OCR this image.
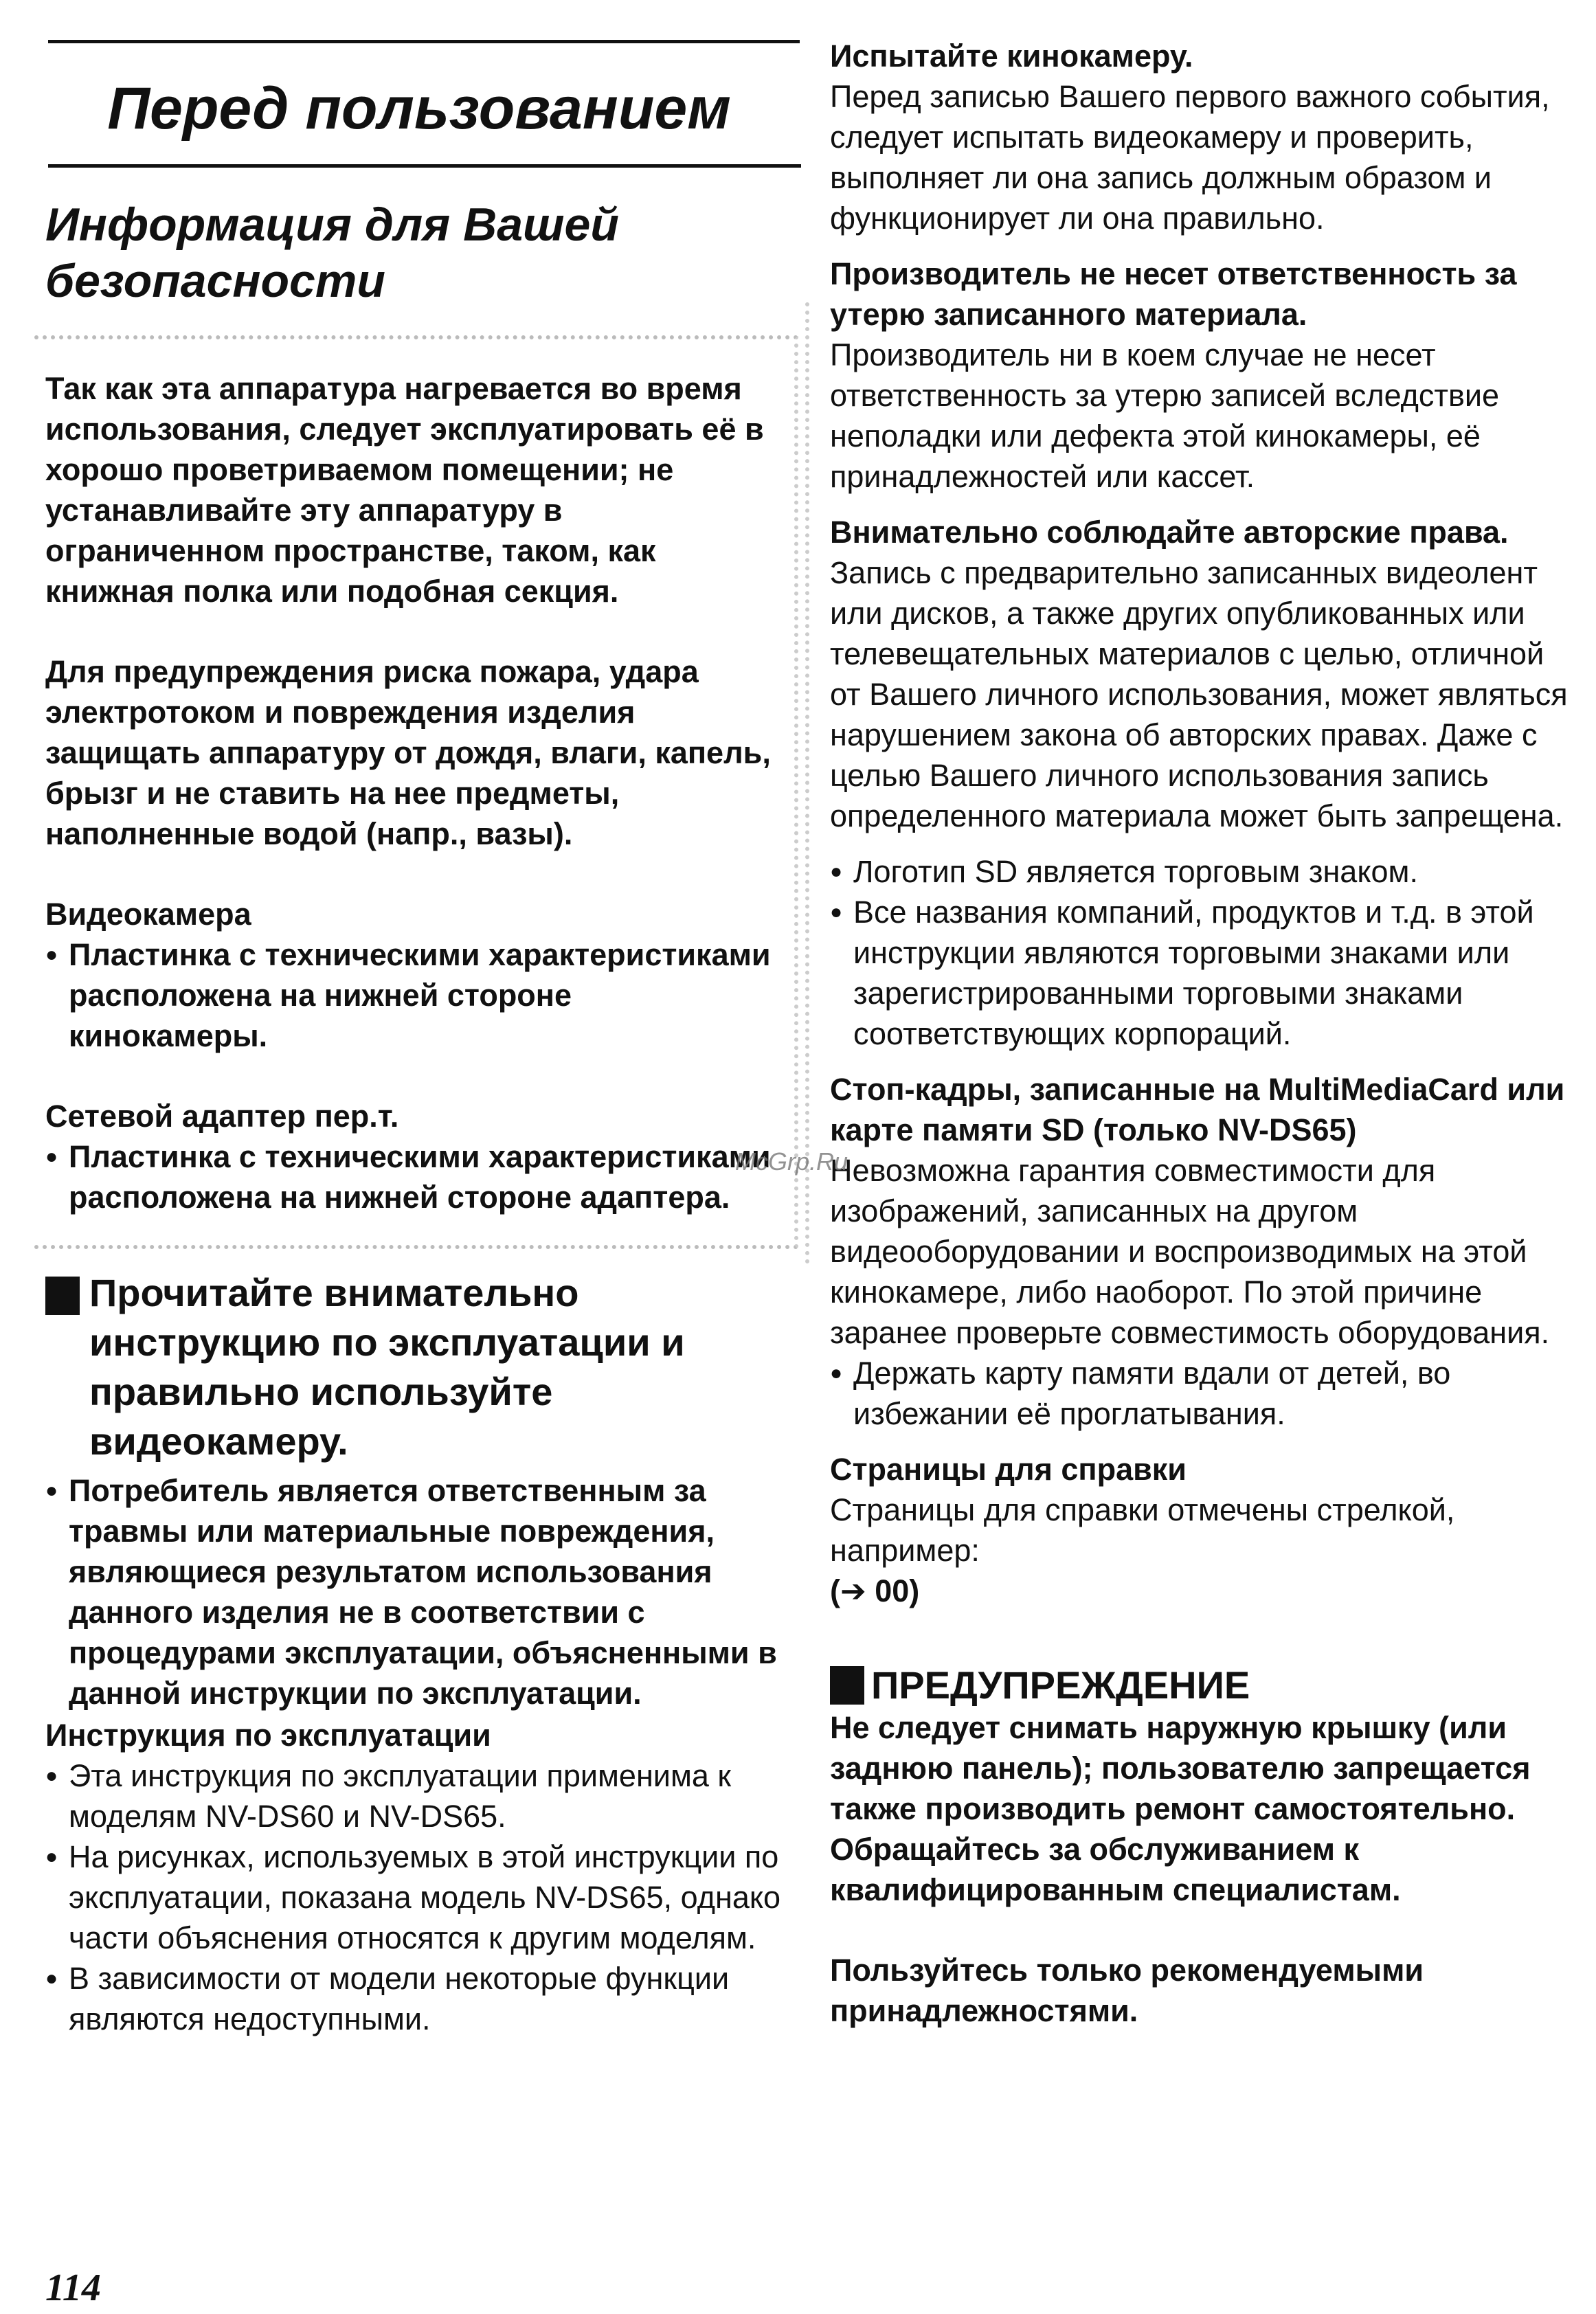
Перед пользованием
Информация для Вашей безопасности
Так как эта аппаратура нагревается во время использования, следует эксплуатировать её в хорошо проветриваемом помещении; не устанавливайте эту аппаратуру в ограниченном пространстве, таком, как книжная полка или подобная секция.
Для предупреждения риска пожара, удара электротоком и повреждения изделия защищать аппаратуру от дождя, влаги, капель, брызг и не ставить на нее предметы, наполненные водой (напр., вазы).
Видеокамера
● Пластинка с техническими характеристиками расположена на нижней стороне кинокамеры.
Сетевой адаптер пер.т.
● Пластинка с техническими характеристиками расположена на нижней стороне адаптера.
Прочитайте внимательно инструкцию по эксплуатации и правильно используйте видеокамеру.
● Потребитель является ответственным за травмы или материальные повреждения, являющиеся результатом использования данного изделия не в соответствии с процедурами эксплуатации, объясненными в данной инструкции по эксплуатации.
Инструкция по эксплуатации
● Эта инструкция по эксплуатации применима к моделям NV-DS60 и NV-DS65.
● На рисунках, используемых в этой инструкции по эксплуатации, показана модель NV-DS65, однако части объяснения относятся к другим моделям.
● В зависимости от модели некоторые функции являются недоступными.
Испытайте кинокамеру.
Перед записью Вашего первого важного события, следует испытать видеокамеру и проверить, выполняет ли она запись должным образом и функционирует ли она правильно.
Производитель не несет ответственность за утерю записанного материала.
Производитель ни в коем случае не несет ответственность за утерю записей вследствие неполадки или дефекта этой кинокамеры, её принадлежностей или кассет.
Внимательно соблюдайте авторские права.
Запись с предварительно записанных видеолент или дисков, а также других опубликованных или телевещательных материалов с целью, отличной от Вашего личного использования, может являться нарушением закона об авторских правах. Даже с целью Вашего личного использования запись определенного материала может быть запрещена.
● Логотип SD является торговым знаком.
● Все названия компаний, продуктов и т.д. в этой инструкции являются торговыми знаками или зарегистрированными торговыми знаками соответствующих корпораций.
Стоп-кадры, записанные на MultiMediaCard или карте памяти SD (только NV-DS65)
Невозможна гарантия совместимости для изображений, записанных на другом видеооборудовании и воспроизводимых на этой кинокамере, либо наоборот. По этой причине заранее проверьте совместимость оборудования.
● Держать карту памяти вдали от детей, во избежании её проглатывания.
Страницы для справки
Страницы для справки отмечены стрелкой, например:
(➔ 00)
ПРЕДУПРЕЖДЕНИЕ
Не следует снимать наружную крышку (или заднюю панель); пользователю запрещается также производить ремонт самостоятельно. Обращайтесь за обслуживанием к квалифицированным специалистам.
Пользуйтесь только рекомендуемыми принадлежностями.
McGrp.Ru
114
